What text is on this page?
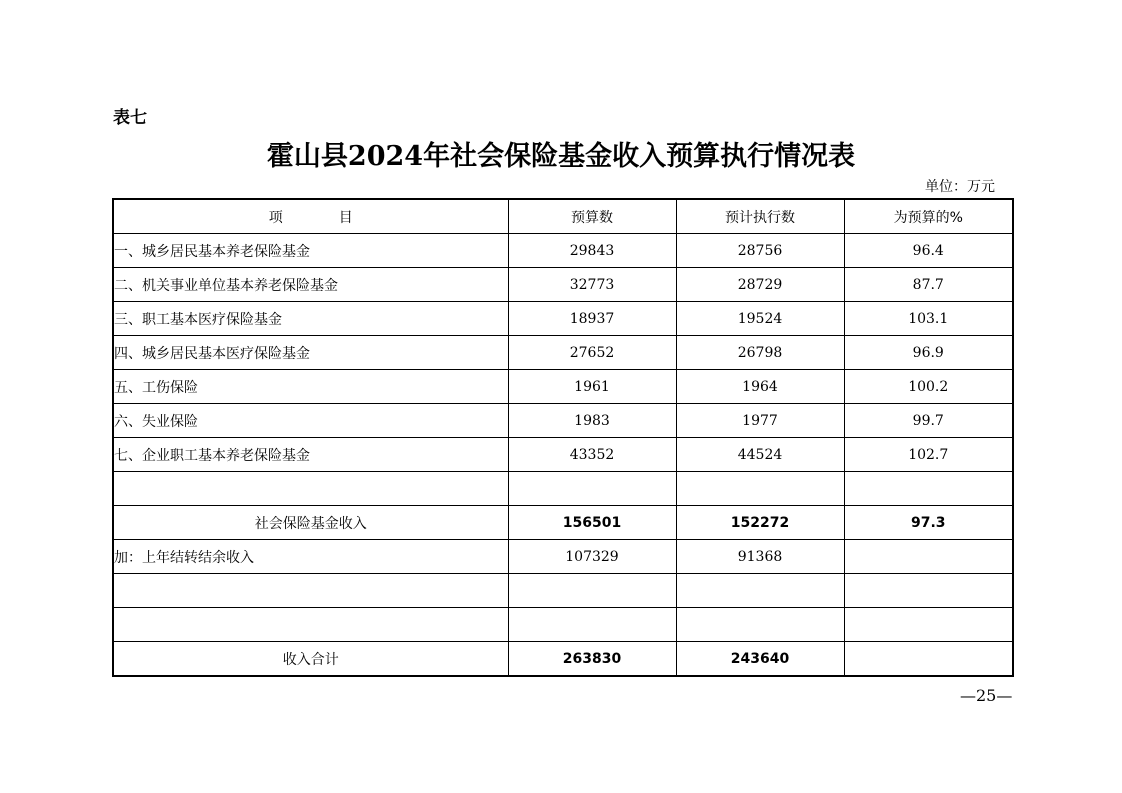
表七
霍山县2024年社会保险基金收入预算执行情况表
单位：万元
项　　　　目	预算数	预计执行数	为预算的%
一、城乡居民基本养老保险基金	29843	28756	96.4
二、机关事业单位基本养老保险基金	32773	28729	87.7
三、职工基本医疗保险基金	18937	19524	103.1
四、城乡居民基本医疗保险基金	27652	26798	96.9
五、工伤保险	1961	1964	100.2
六、失业保险	1983	1977	99.7
七、企业职工基本养老保险基金	43352	44524	102.7

社会保险基金收入	156501	152272	97.3
加：上年结转结余收入	107329	91368	

收入合计	263830	243640	
—25—
